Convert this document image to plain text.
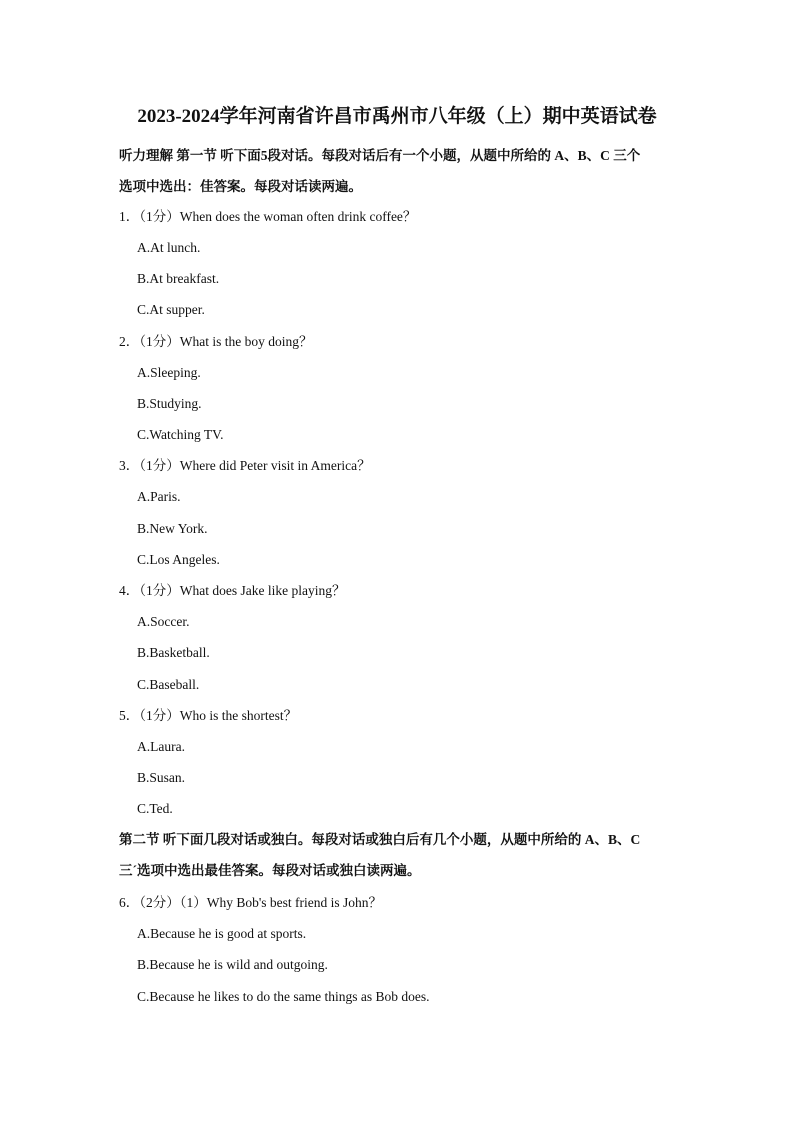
2023-2024学年河南省许昌市禹州市八年级（上）期中英语试卷
听力理解 第一节 听下面5段对话。每段对话后有一个小题，从题中所给的 A、B、C 三个
选项中选出：佳答案。每段对话读两遍。
1．（1分）When does the woman often drink coffee？
A.At lunch.
B.At breakfast.
C.At supper.
2．（1分）What is the boy doing？
A.Sleeping.
B.Studying.
C.Watching TV.
3．（1分）Where did Peter visit in America？
A.Paris.
B.New York.
C.Los Angeles.
4．（1分）What does Jake like playing？
A.Soccer.
B.Basketball.
C.Baseball.
5．（1分）Who is the shortest？
A.Laura.
B.Susan.
C.Ted.
第二节 听下面几段对话或独白。每段对话或独白后有几个小题，从题中所给的 A、B、C
三ˊ选项中选出最佳答案。每段对话或独白读两遍。
6．（2分）（1）Why Bob's best friend is John？
A.Because he is good at sports.
B.Because he is wild and outgoing.
C.Because he likes to do the same things as Bob does.
